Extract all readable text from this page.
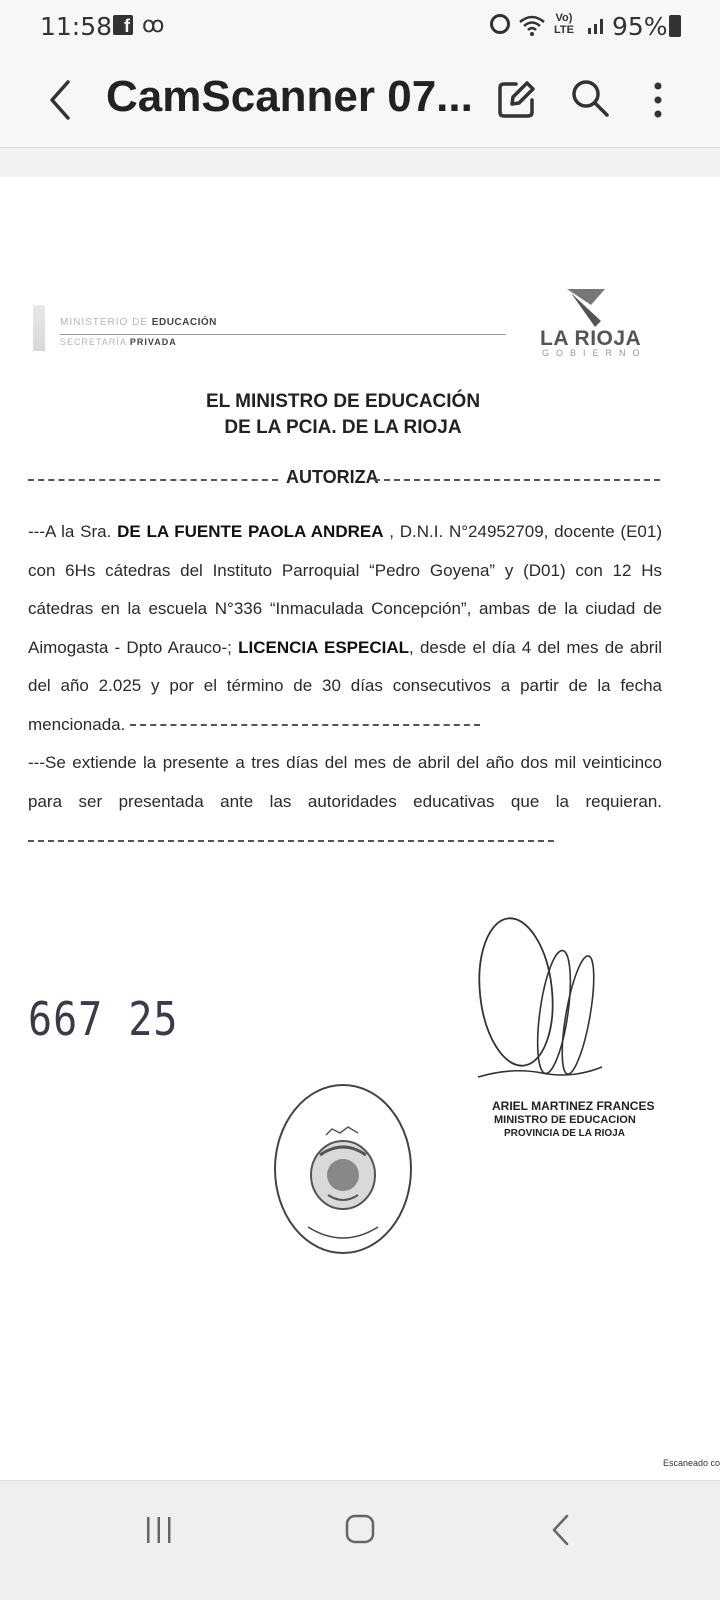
11:58 f ꝏ	Vo)
LTE 95%
CamScanner 07...
MINISTERIO DE EDUCACIÓN
SECRETARÍA PRIVADA	LA RIOJA
GOBIERNO
EL MINISTRO DE EDUCACIÓN
DE LA PCIA. DE LA RIOJA
AUTORIZA

---A la Sra. DE LA FUENTE PAOLA ANDREA , D.N.I. N°24952709, docente (E01) con 6Hs cátedras del Instituto Parroquial “Pedro Goyena” y (D01) con 12 Hs cátedras en la escuela N°336 “Inmaculada Concepción”, ambas de la ciudad de Aimogasta - Dpto Arauco-; LICENCIA ESPECIAL, desde el día 4 del mes de abril del año 2.025 y por el término de 30 días consecutivos a partir de la fecha mencionada.

---Se extiende la presente a tres días del mes de abril del año dos mil veinticinco para ser presentada ante las autoridades educativas que la requieran.

667 25
ARIEL MARTINEZ FRANCES
MINISTRO DE EDUCACION
PROVINCIA DE LA RIOJA
Escaneado co
